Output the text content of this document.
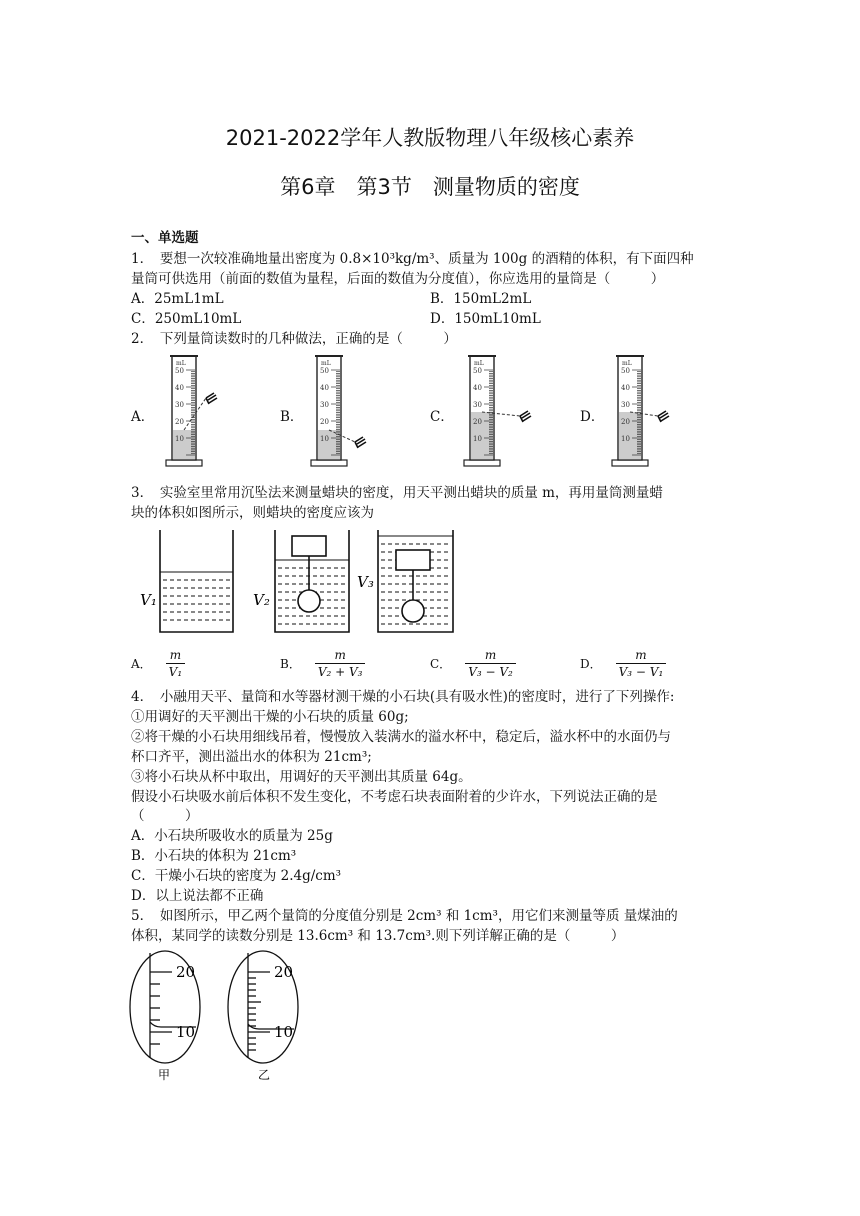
2021-2022学年人教版物理八年级核心素养
第6章　第3节　测量物质的密度
一、单选题
1．　要想一次较准确地量出密度为 0.8×10³kg/m³、质量为 100g 的酒精的体积，有下面四种
量筒可供选用（前面的数值为量程，后面的数值为分度值），你应选用的量筒是（　　　）
A．25mL1mL	B．150mL2mL
C．250mL10mL	D．150mL10mL
2．　下列量筒读数时的几种做法，正确的是（　　　）
A．	B．	C．	D．
mL
50
40
30
20
10
mL
50
40
30
20
10
mL
50
40
30
20
10
mL
50
40
30
20
10
3．　实验室里常用沉坠法来测量蜡块的密度，用天平测出蜡块的质量 m，再用量筒测量蜡
块的体积如图所示，则蜡块的密度应该为
V₁	V₂
V₃
A． $\frac{m}{\text{V₁}}$	B． $\frac{m}{\text{V₂ + V₃}}$	C． $\frac{m}{\text{V₃ − V₂}}$	D． $\frac{m}{\text{V₃ − V₁}}$
4．　小融用天平、量筒和水等器材测干燥的小石块(具有吸水性)的密度时，进行了下列操作:
①用调好的天平测出干燥的小石块的质量 60g;
②将干燥的小石块用细线吊着，慢慢放入装满水的溢水杯中，稳定后，溢水杯中的水面仍与
杯口齐平，测出溢出水的体积为 21cm³;
③将小石块从杯中取出，用调好的天平测出其质量 64g。
假设小石块吸水前后体积不发生变化，不考虑石块表面附着的少许水，下列说法正确的是
（　　　）
A．小石块所吸收水的质量为 25g
B．小石块的体积为 21cm³
C．干燥小石块的密度为 2.4g/cm³
D．以上说法都不正确
5．　如图所示，甲乙两个量筒的分度值分别是 2cm³ 和 1cm³，用它们来测量等质 量煤油的
体积，某同学的读数分别是 13.6cm³ 和 13.7cm³.则下列详解正确的是（　　　）
20
10
20
10
甲	乙
